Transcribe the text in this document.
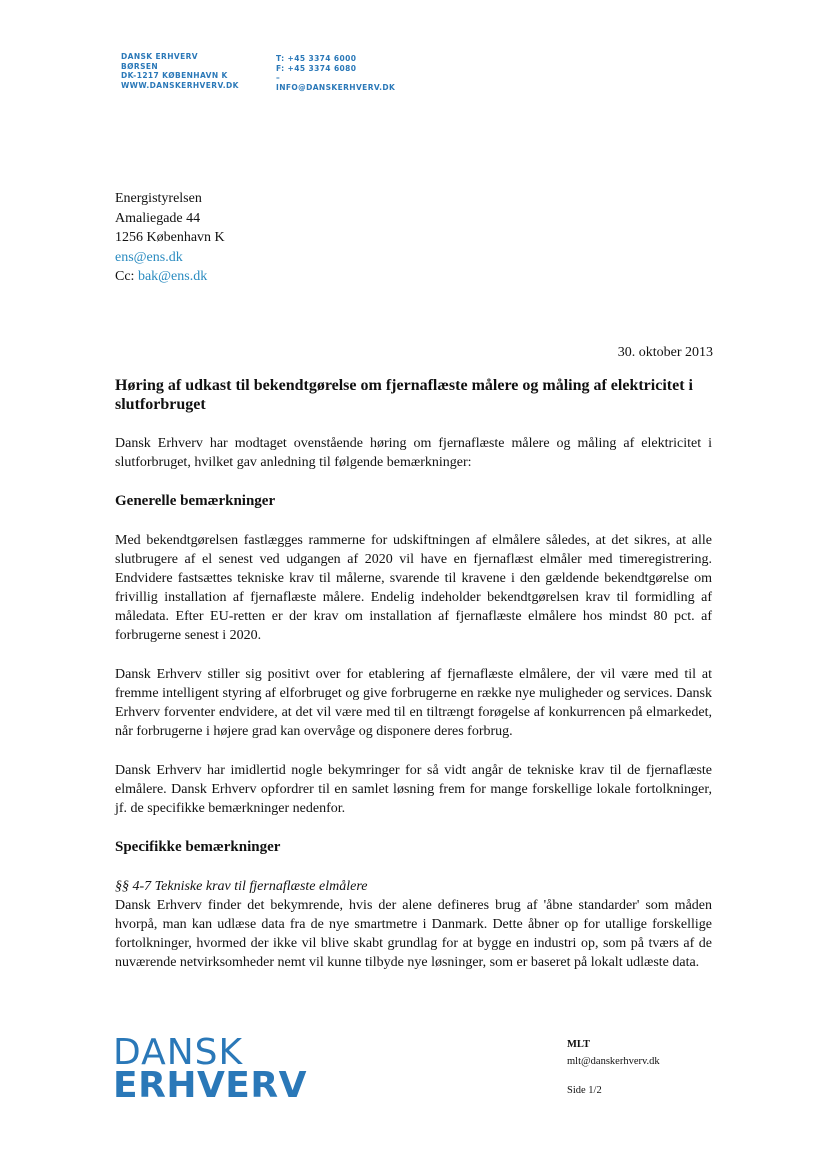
DANSK ERHVERV
BØRSEN
DK-1217 KØBENHAVN K
WWW.DANSKERHVERV.DK
T: +45 3374 6000
F: +45 3374 6080
–
INFO@DANSKERHVERV.DK
Energistyrelsen
Amaliegade 44
1256 København K
ens@ens.dk
Cc: bak@ens.dk
30. oktober 2013
Høring af udkast til bekendtgørelse om fjernaflæste målere og måling af elektricitet i slutforbruget
Dansk Erhverv har modtaget ovenstående høring om fjernaflæste målere og måling af elektricitet i slutforbruget, hvilket gav anledning til følgende bemærkninger:
Generelle bemærkninger
Med bekendtgørelsen fastlægges rammerne for udskiftningen af elmålere således, at det sikres, at alle slutbrugere af el senest ved udgangen af 2020 vil have en fjernaflæst elmåler med timeregistrering. Endvidere fastsættes tekniske krav til målerne, svarende til kravene i den gældende bekendtgørelse om frivillig installation af fjernaflæste målere. Endelig indeholder bekendtgørelsen krav til formidling af måledata. Efter EU-retten er der krav om installation af fjernaflæste elmålere hos mindst 80 pct. af forbrugerne senest i 2020.
Dansk Erhverv stiller sig positivt over for etablering af fjernaflæste elmålere, der vil være med til at fremme intelligent styring af elforbruget og give forbrugerne en række nye muligheder og services. Dansk Erhverv forventer endvidere, at det vil være med til en tiltrængt forøgelse af konkurrencen på elmarkedet, når forbrugerne i højere grad kan overvåge og disponere deres forbrug.
Dansk Erhverv har imidlertid nogle bekymringer for så vidt angår de tekniske krav til de fjernaflæste elmålere. Dansk Erhverv opfordrer til en samlet løsning frem for mange forskellige lokale fortolkninger, jf. de specifikke bemærkninger nedenfor.
Specifikke bemærkninger
§§ 4-7 Tekniske krav til fjernaflæste elmålere
Dansk Erhverv finder det bekymrende, hvis der alene defineres brug af 'åbne standarder' som måden hvorpå, man kan udlæse data fra de nye smartmetre i Danmark. Dette åbner op for utallige forskellige fortolkninger, hvormed der ikke vil blive skabt grundlag for at bygge en industri op, som på tværs af de nuværende netvirksomheder nemt vil kunne tilbyde nye løsninger, som er baseret på lokalt udlæste data.
DANSK
ERHVERV
MLT
mlt@danskerhverv.dk
Side 1/2
